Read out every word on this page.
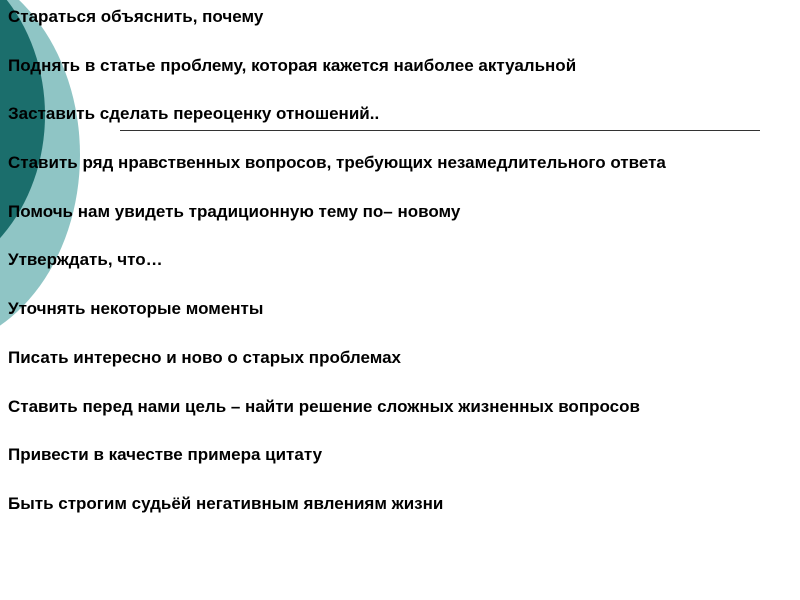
Стараться объяснить, почему
Поднять в статье проблему, которая кажется наиболее актуальной
Заставить сделать переоценку отношений..
Ставить ряд нравственных вопросов, требующих незамедлительного ответа
Помочь нам увидеть традиционную тему по– новому
Утверждать, что…
Уточнять некоторые моменты
Писать интересно и ново о старых проблемах
Ставить перед нами цель – найти решение сложных жизненных вопросов
Привести в качестве примера цитату
Быть строгим судьёй негативным явлениям жизни
